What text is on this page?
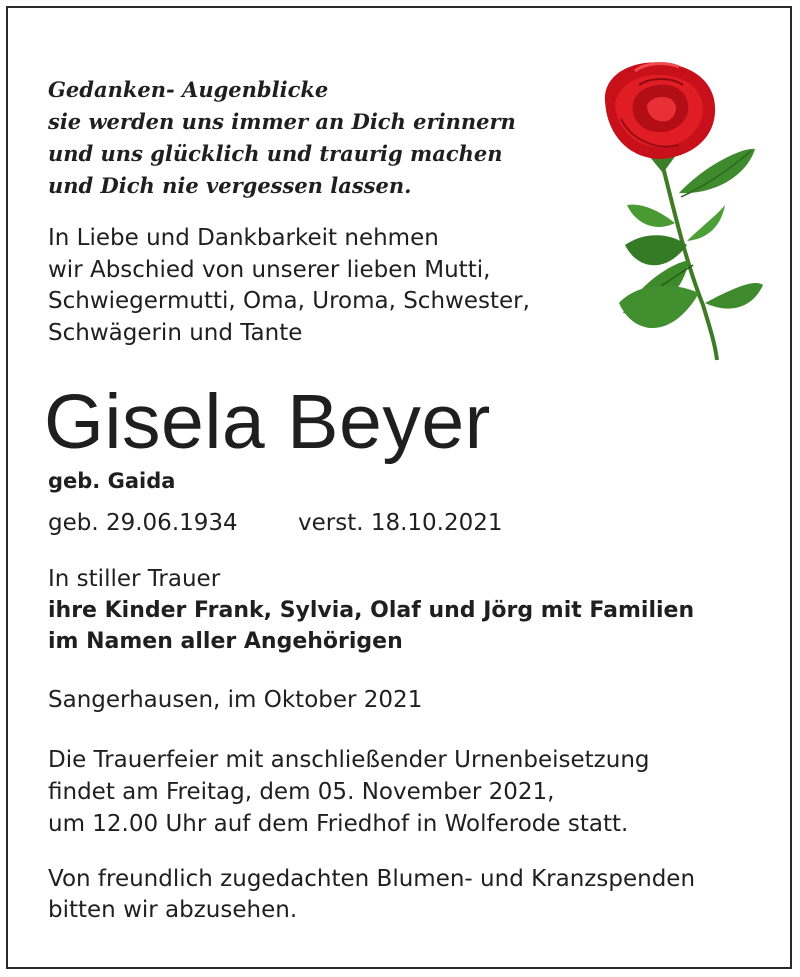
Gedanken- Augenblicke
sie werden uns immer an Dich erinnern
und uns glücklich und traurig machen
und Dich nie vergessen lassen.
In Liebe und Dankbarkeit nehmen
wir Abschied von unserer lieben Mutti,
Schwiegermutti, Oma, Uroma, Schwester,
Schwägerin und Tante
Gisela Beyer
geb. Gaida
geb. 29.06.1934	verst. 18.10.2021
In stiller Trauer
ihre Kinder Frank, Sylvia, Olaf und Jörg mit Familien
im Namen aller Angehörigen
Sangerhausen, im Oktober 2021
Die Trauerfeier mit anschließender Urnenbeisetzung
findet am Freitag, dem 05. November 2021,
um 12.00 Uhr auf dem Friedhof in Wolferode statt.
Von freundlich zugedachten Blumen- und Kranzspenden
bitten wir abzusehen.
